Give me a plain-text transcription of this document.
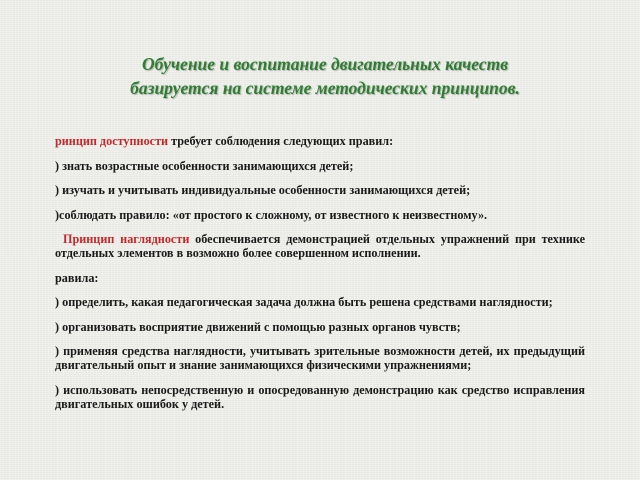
Обучение и воспитание двигательных качеств
базируется на системе методических принципов.

ринцип доступности требует соблюдения следующих правил:

) знать возрастные особенности занимающихся детей;

) изучать и учитывать индивидуальные особенности занимающихся детей;

)соблюдать правило: «от простого к сложному, от известного к неизвестному».

Принцип наглядности обеспечивается демонстрацией отдельных упражнений при технике отдельных элементов в возможно более совершенном исполнении.

равила:

) определить, какая педагогическая задача должна быть решена средствами наглядности;

) организовать восприятие движений с помощью разных органов чувств;

) применяя средства наглядности, учитывать зрительные возможности детей, их предыдущий двигательный опыт и знание занимающихся физическими упражнениями;

) использовать непосредственную и опосредованную демонстрацию как средство исправления двигательных ошибок у детей.
